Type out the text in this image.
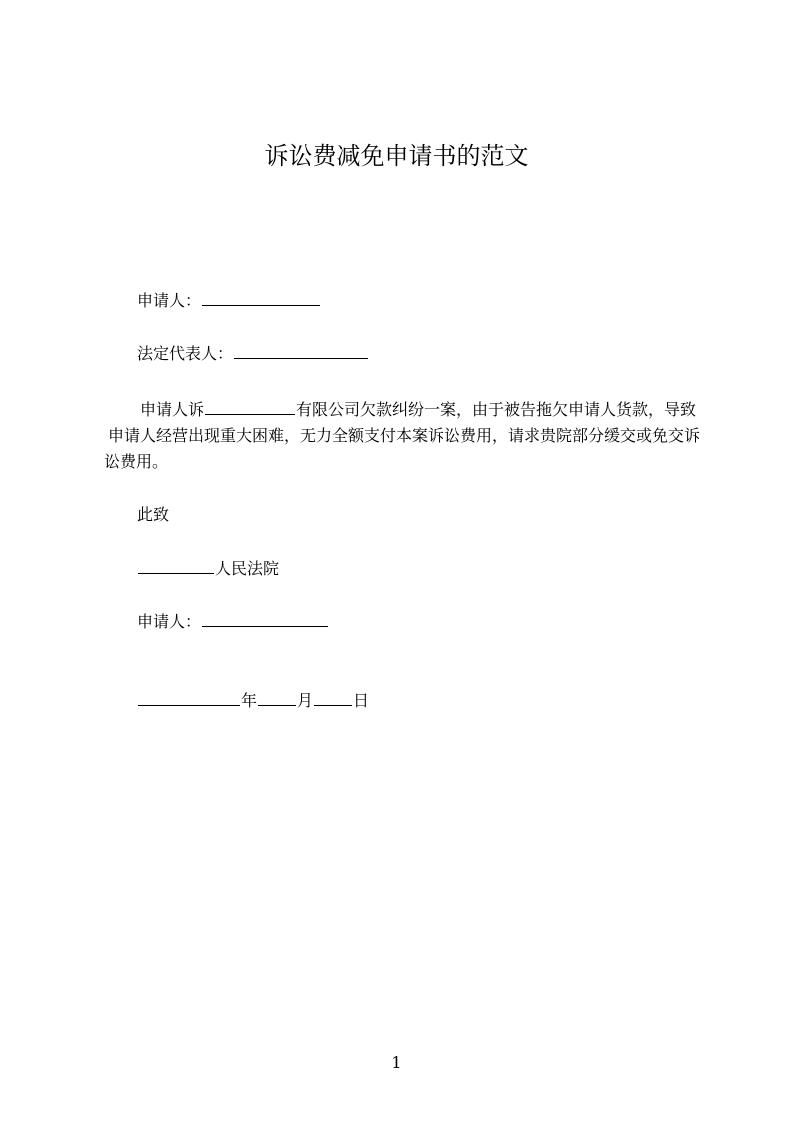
诉讼费减免申请书的范文
申请人：
法定代表人：

申请人诉	有限公司欠款纠纷一案，由于被告拖欠申请人货款，导致

申请人经营出现重大困难，无力全额支付本案诉讼费用，请求贵院部分缓交或免交诉

讼费用。

此致
人民法院
申请人：
年	月	日
1
